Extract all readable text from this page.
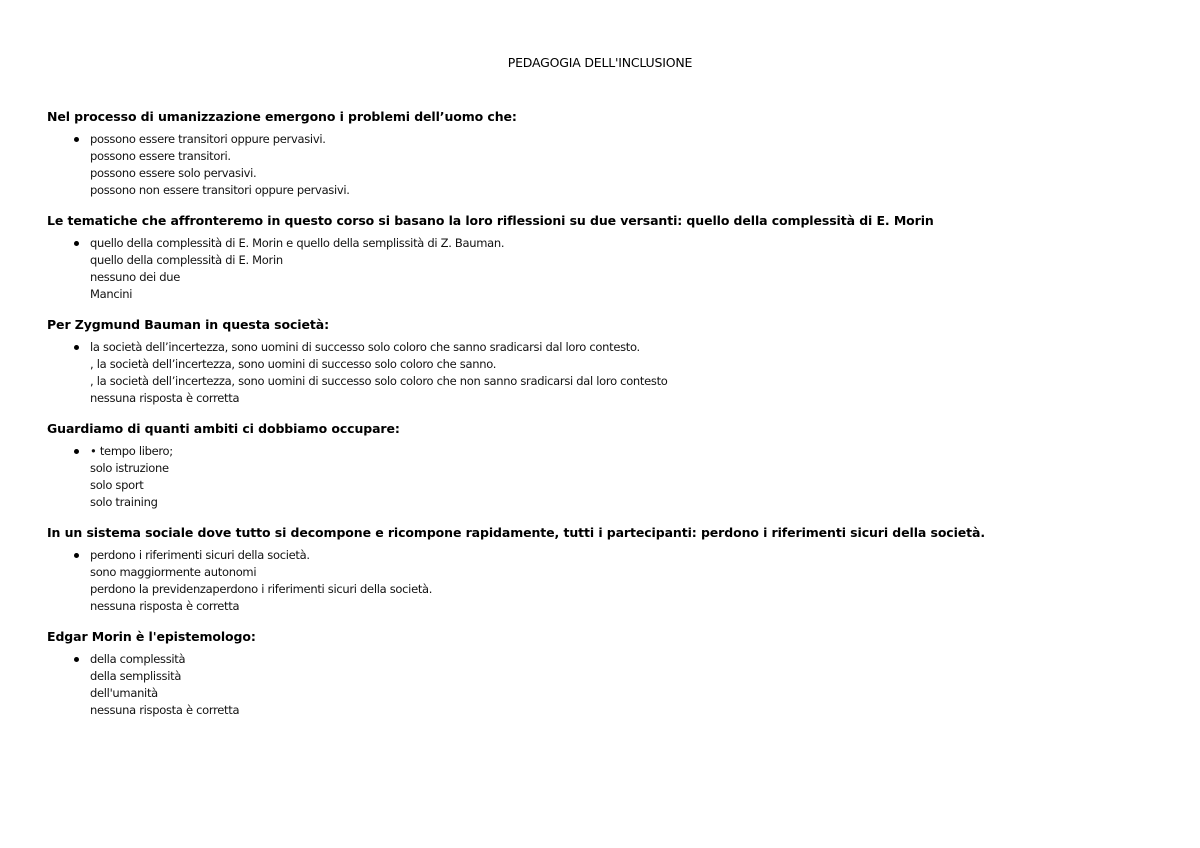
PEDAGOGIA DELL'INCLUSIONE
Nel processo di umanizzazione emergono i problemi dell’uomo che:
possono essere transitori oppure pervasivi.
possono essere transitori.
possono essere solo pervasivi.
possono non essere transitori oppure pervasivi.
Le tematiche che affronteremo in questo corso si basano la loro riflessioni su due versanti: quello della complessità di E. Morin
quello della complessità di E. Morin e quello della semplissità di Z. Bauman.
quello della complessità di E. Morin
nessuno dei due
Mancini
Per Zygmund Bauman in questa società:
la società dell’incertezza, sono uomini di successo solo coloro che sanno sradicarsi dal loro contesto.
, la società dell’incertezza, sono uomini di successo solo coloro che sanno.
, la società dell’incertezza, sono uomini di successo solo coloro che non sanno sradicarsi dal loro contesto
nessuna risposta è corretta
Guardiamo di quanti ambiti ci dobbiamo occupare:
• tempo libero;
solo istruzione
solo sport
solo training
In un sistema sociale dove tutto si decompone e ricompone rapidamente, tutti i partecipanti: perdono i riferimenti sicuri della società.
perdono i riferimenti sicuri della società.
sono maggiormente autonomi
perdono la previdenzaperdono i riferimenti sicuri della società.
nessuna risposta è corretta
Edgar Morin è l'epistemologo:
della complessità
della semplissità
dell'umanità
nessuna risposta è corretta
